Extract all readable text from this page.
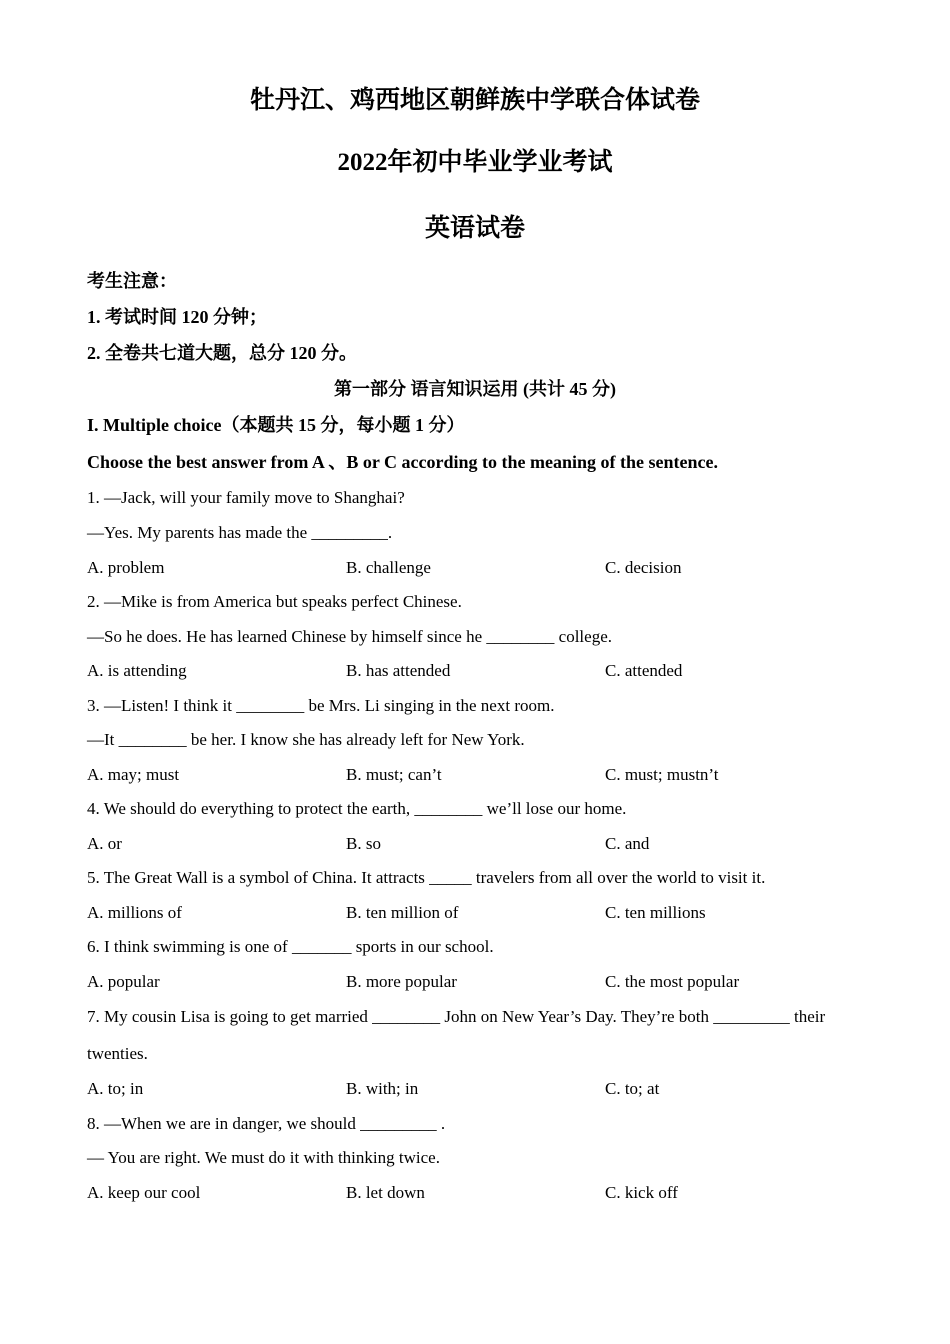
牡丹江、鸡西地区朝鲜族中学联合体试卷
2022年初中毕业学业考试
英语试卷
考生注意：
1. 考试时间 120 分钟；
2. 全卷共七道大题，总分 120 分。
第一部分 语言知识运用 (共计 45 分)
I. Multiple choice（本题共 15 分，每小题 1 分）
Choose the best answer from A 、B or C according to the meaning of the sentence.
1. —Jack, will your family move to Shanghai?
—Yes. My parents has made the _________.
A. problem	B. challenge	C. decision
2. —Mike is from America but speaks perfect Chinese.
—So he does. He has learned Chinese by himself since he ________ college.
A. is attending	B. has attended	C. attended
3. —Listen! I think it ________ be Mrs. Li singing in the next room.
—It ________ be her. I know she has already left for New York.
A. may; must	B. must; can’t	C. must; mustn’t
4. We should do everything to protect the earth, ________ we’ll lose our home.
A. or	B. so	C. and
5. The Great Wall is a symbol of China. It attracts _____ travelers from all over the world to visit it.
A. millions of	B. ten million of	C. ten millions
6. I think swimming is one of _______ sports in our school.
A. popular	B. more popular	C. the most popular
7. My cousin Lisa is going to get married ________ John on New Year’s Day. They’re both _________ their
twenties.
A. to; in	B. with; in	C. to; at
8. —When we are in danger, we should _________ .
— You are right. We must do it with thinking twice.
A. keep our cool	B. let down	C. kick off
